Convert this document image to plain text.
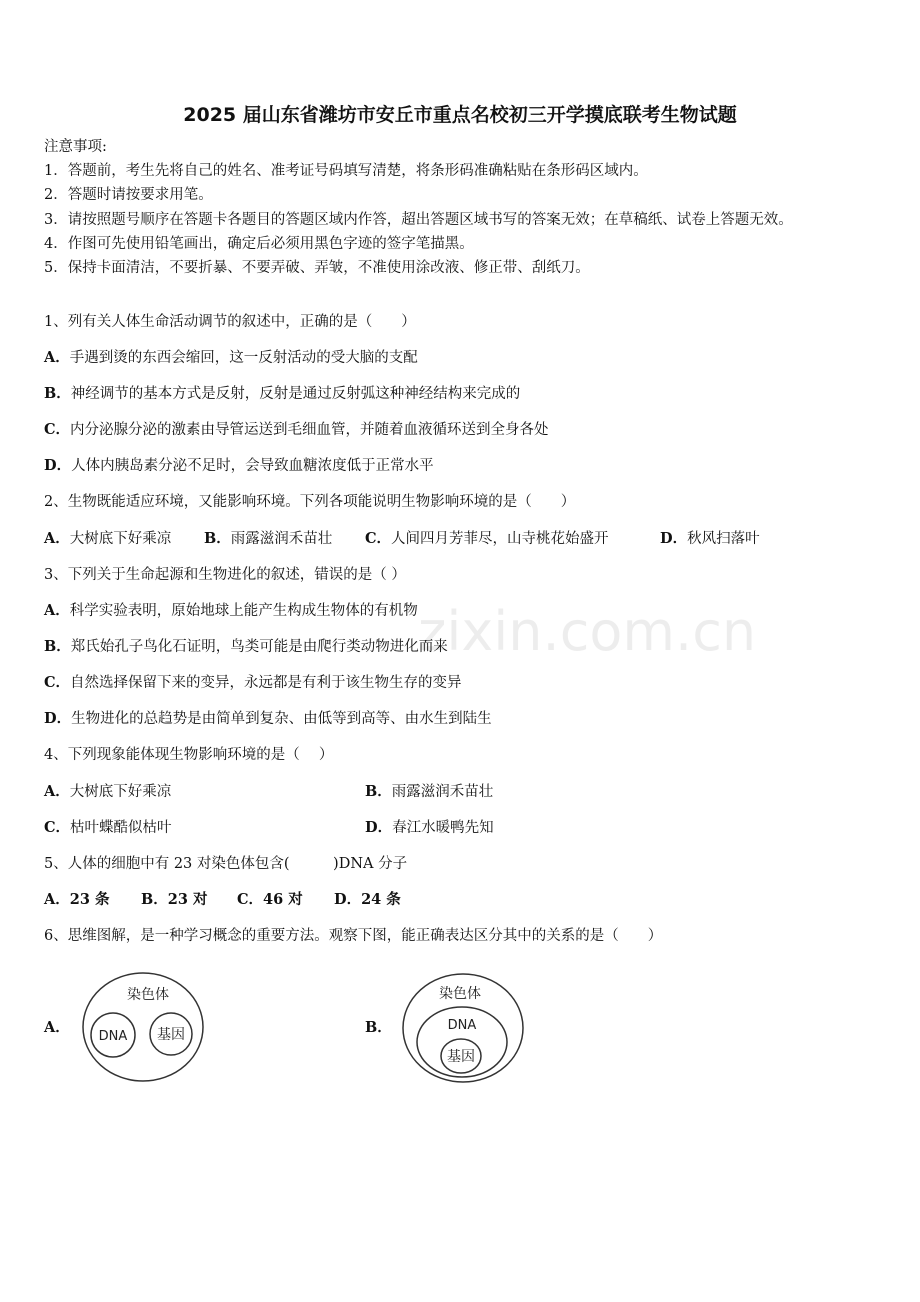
2025 届山东省潍坊市安丘市重点名校初三开学摸底联考生物试题
注意事项:
1．答题前，考生先将自己的姓名、准考证号码填写清楚，将条形码准确粘贴在条形码区域内。
2．答题时请按要求用笔。
3．请按照题号顺序在答题卡各题目的答题区域内作答，超出答题区域书写的答案无效；在草稿纸、试卷上答题无效。
4．作图可先使用铅笔画出，确定后必须用黑色字迹的签字笔描黑。
5．保持卡面清洁，不要折暴、不要弄破、弄皱，不准使用涂改液、修正带、刮纸刀。
1、列有关人体生命活动调节的叙述中，正确的是（　　）
A．手遇到烫的东西会缩回，这一反射活动的受大脑的支配
B．神经调节的基本方式是反射，反射是通过反射弧这种神经结构来完成的
C．内分泌腺分泌的激素由导管运送到毛细血管，并随着血液循环送到全身各处
D．人体内胰岛素分泌不足时，会导致血糖浓度低于正常水平
2、生物既能适应环境，又能影响环境。下列各项能说明生物影响环境的是（　　）
A．大树底下好乘凉 B．雨露滋润禾苗壮 C．人间四月芳菲尽，山寺桃花始盛开	D．秋风扫落叶
3、下列关于生命起源和生物进化的叙述，错误的是（ ）
A．科学实验表明，原始地球上能产生构成生物体的有机物
B．郑氏始孔子鸟化石证明，鸟类可能是由爬行类动物进化而来
C．自然选择保留下来的变异，永远都是有利于该生物生存的变异
D．生物进化的总趋势是由简单到复杂、由低等到高等、由水生到陆生
4、下列现象能体现生物影响环境的是（　 ）
A．大树底下好乘凉	B．雨露滋润禾苗壮
C．枯叶蝶酷似枯叶	D．春江水暖鸭先知
5、人体的细胞中有 23 对染色体包含(　　　)DNA 分子
A．23 条 B．23 对 C．46 对 D．24 条
6、思维图解，是一种学习概念的重要方法。观察下图，能正确表达区分其中的关系的是（　　）
A．
染色体
DNA 基因	B．
染色体
DNA
基因
zixin.com.cn
